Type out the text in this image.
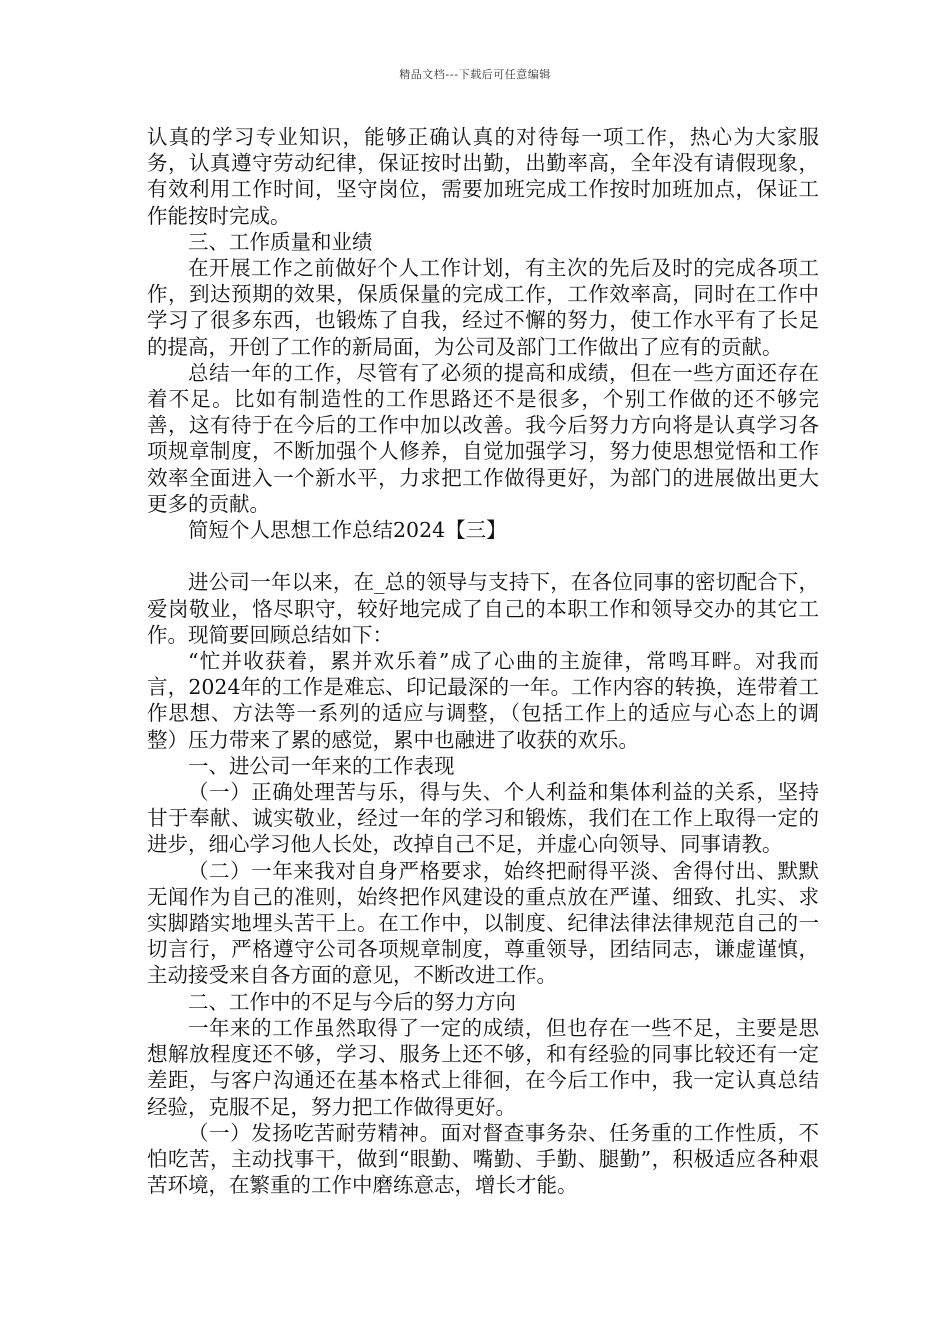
精品文档---下载后可任意编辑

认真的学习专业知识，能够正确认真的对待每一项工作，热心为大家服务，认真遵守劳动纪律，保证按时出勤，出勤率高，全年没有请假现象，有效利用工作时间，坚守岗位，需要加班完成工作按时加班加点，保证工作能按时完成。

三、工作质量和业绩

在开展工作之前做好个人工作计划，有主次的先后及时的完成各项工作，到达预期的效果，保质保量的完成工作，工作效率高，同时在工作中学习了很多东西，也锻炼了自我，经过不懈的努力，使工作水平有了长足的提高，开创了工作的新局面，为公司及部门工作做出了应有的贡献。

总结一年的工作，尽管有了必须的提高和成绩，但在一些方面还存在着不足。比如有制造性的工作思路还不是很多，个别工作做的还不够完善，这有待于在今后的工作中加以改善。我今后努力方向将是认真学习各项规章制度，不断加强个人修养，自觉加强学习，努力使思想觉悟和工作效率全面进入一个新水平，力求把工作做得更好，为部门的进展做出更大更多的贡献。

简短个人思想工作总结2024【三】

进公司一年以来，在_总的领导与支持下，在各位同事的密切配合下，爱岗敬业，恪尽职守，较好地完成了自己的本职工作和领导交办的其它工作。现简要回顾总结如下：

“忙并收获着，累并欢乐着”成了心曲的主旋律，常鸣耳畔。对我而言，2024年的工作是难忘、印记最深的一年。工作内容的转换，连带着工作思想、方法等一系列的适应与调整，（包括工作上的适应与心态上的调整）压力带来了累的感觉，累中也融进了收获的欢乐。

一、进公司一年来的工作表现

（一）正确处理苦与乐，得与失、个人利益和集体利益的关系，坚持甘于奉献、诚实敬业，经过一年的学习和锻炼，我们在工作上取得一定的进步，细心学习他人长处，改掉自己不足，并虚心向领导、同事请教。

（二）一年来我对自身严格要求，始终把耐得平淡、舍得付出、默默无闻作为自己的准则，始终把作风建设的重点放在严谨、细致、扎实、求实脚踏实地埋头苦干上。在工作中，以制度、纪律法律法律规范自己的一切言行，严格遵守公司各项规章制度，尊重领导，团结同志，谦虚谨慎，主动接受来自各方面的意见，不断改进工作。

二、工作中的不足与今后的努力方向

一年来的工作虽然取得了一定的成绩，但也存在一些不足，主要是思想解放程度还不够，学习、服务上还不够，和有经验的同事比较还有一定差距，与客户沟通还在基本格式上徘徊，在今后工作中，我一定认真总结经验，克服不足，努力把工作做得更好。

（一）发扬吃苦耐劳精神。面对督查事务杂、任务重的工作性质，不怕吃苦，主动找事干，做到“眼勤、嘴勤、手勤、腿勤”，积极适应各种艰苦环境，在繁重的工作中磨练意志，增长才能。
